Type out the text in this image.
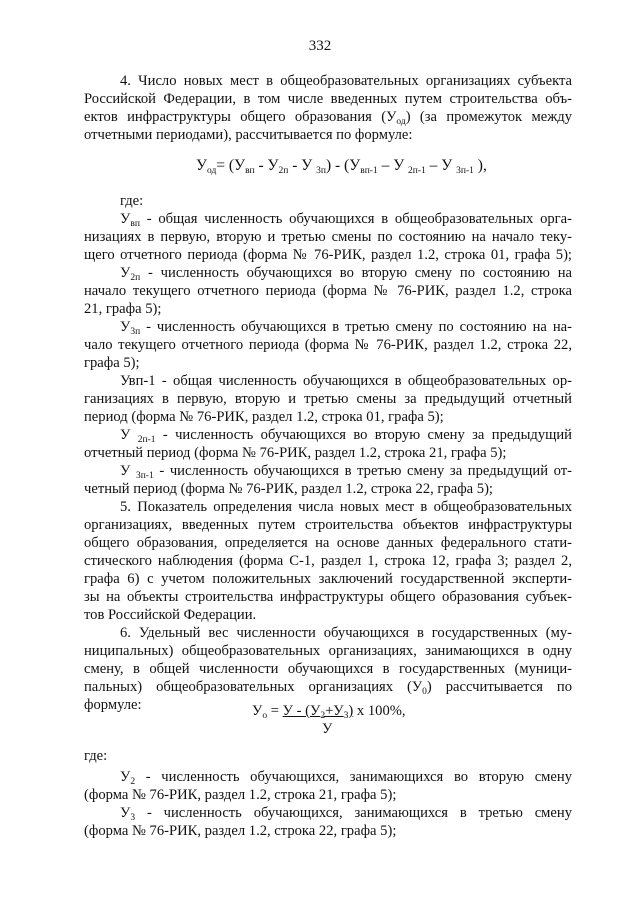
332
4. Число новых мест в общеобразовательных организациях субъекта
Российской Федерации, в том числе введенных путем строительства объ-
ектов инфраструктуры общего образования $(У_{од})$ (за промежуток между
отчетными периодами), рассчитывается по формуле:
$У_{од}= (У_{вп} - У_{2п} - У$ $_{3п}) - (У_{вп-1}$ – У $_{2п-1}$ – У $_{3п-1}$ ),
где:
$У_{вп}$ - общая численность обучающихся в общеобразовательных орга-
низациях в первую, вторую и третью смены по состоянию на начало теку-
щего отчетного периода (форма № 76-РИК, раздел 1.2, строка 01, графа 5);
$У_{2п}$ - численность обучающихся во вторую смену по состоянию на
начало текущего отчетного периода (форма № 76-РИК, раздел 1.2, строка
21, графа 5);
$У_{3п}$ - численность обучающихся в третью смену по состоянию на на-
чало текущего отчетного периода (форма № 76-РИК, раздел 1.2, строка 22,
графа 5);
Увп-1 - общая численность обучающихся в общеобразовательных ор-
ганизациях в первую, вторую и третью смены за предыдущий отчетный
период (форма № 76-РИК, раздел 1.2, строка 01, графа 5);
У $_{2п-1}$ - численность обучающихся во вторую смену за предыдущий
отчетный период (форма № 76-РИК, раздел 1.2, строка 21, графа 5);
У $_{3п-1}$ - численность обучающихся в третью смену за предыдущий от-
четный период (форма № 76-РИК, раздел 1.2, строка 22, графа 5);
5. Показатель определения числа новых мест в общеобразовательных
организациях, введенных путем строительства объектов инфраструктуры
общего образования, определяется на основе данных федерального стати-
стического наблюдения (форма С-1, раздел 1, строка 12, графа 3; раздел 2,
графа 6) с учетом положительных заключений государственной эксперти-
зы на объекты строительства инфраструктуры общего образования субъек-
тов Российской Федерации.
6. Удельный вес численности обучающихся в государственных (му-
ниципальных) общеобразовательных организациях, занимающихся в одну
смену, в общей численности обучающихся в государственных (муници-
пальных) общеобразовательных организациях $(У_0)$ рассчитывается по
формуле:	$У_о = У - (У_2+У_3)$ х 100%,
У
где:
$У_2$ - численность обучающихся, занимающихся во вторую смену
(форма № 76-РИК, раздел 1.2, строка 21, графа 5);
$У_3$ - численность обучающихся, занимающихся в третью смену
(форма № 76-РИК, раздел 1.2, строка 22, графа 5);
